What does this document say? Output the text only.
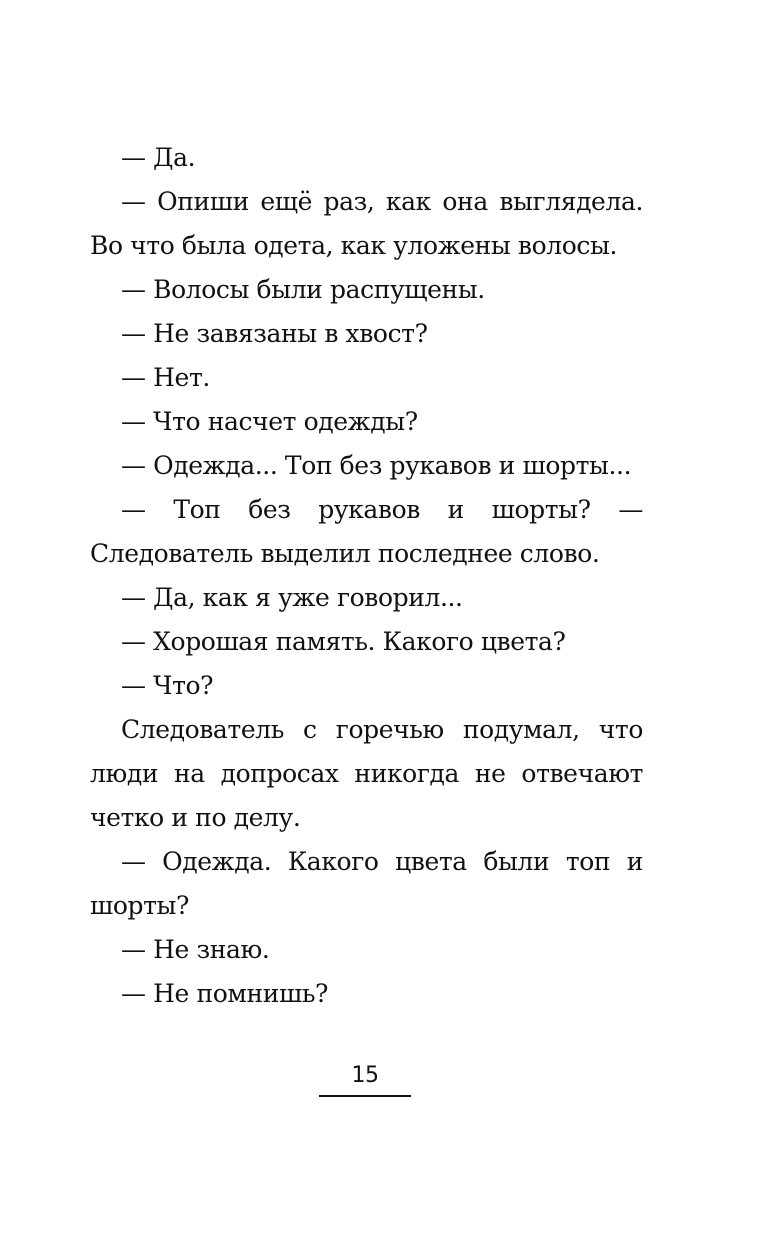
— Да.

— Опиши ещё раз, как она выглядела. Во что была одета, как уложены волосы.

— Волосы были распущены.

— Не завязаны в хвост?

— Нет.

— Что насчет одежды?

— Одежда... Топ без рукавов и шорты...

— Топ без рукавов и шорты? — Следователь выделил последнее слово.

— Да, как я уже говорил...

— Хорошая память. Какого цвета?

— Что?

Следователь с горечью подумал, что люди на допросах никогда не отвечают четко и по делу.

— Одежда. Какого цвета были топ и шорты?

— Не знаю.

— Не помнишь?

15
